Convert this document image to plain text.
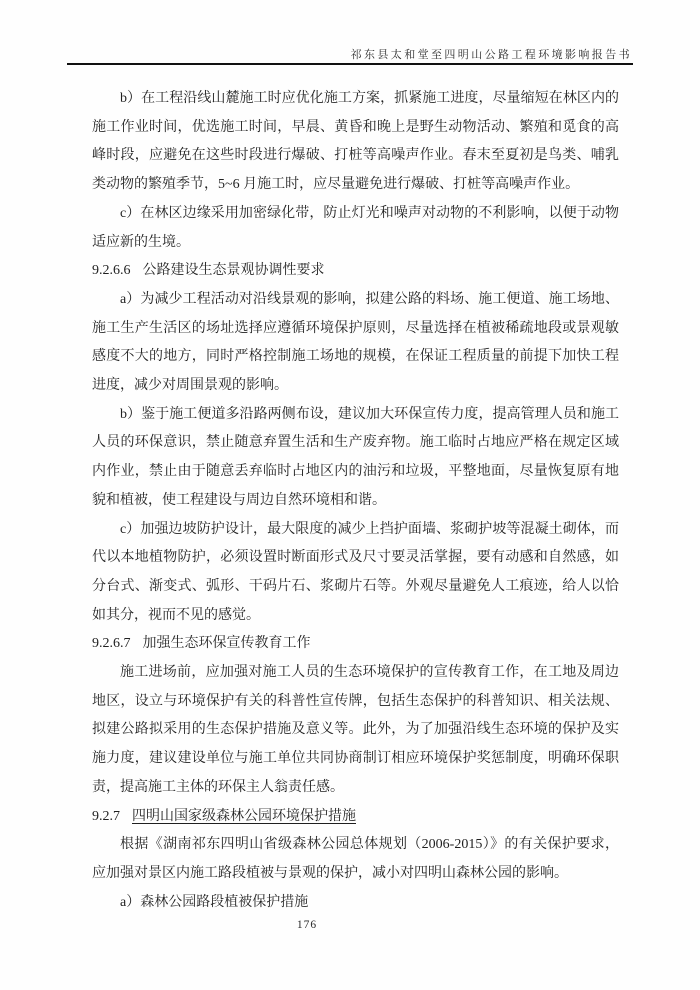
祁东县太和堂至四明山公路工程环境影响报告书

b）在工程沿线山麓施工时应优化施工方案，抓紧施工进度，尽量缩短在林区内的施工作业时间，优选施工时间，早晨、黄昏和晚上是野生动物活动、繁殖和觅食的高峰时段，应避免在这些时段进行爆破、打桩等高噪声作业。春末至夏初是鸟类、哺乳类动物的繁殖季节，5~6 月施工时，应尽量避免进行爆破、打桩等高噪声作业。

c）在林区边缘采用加密绿化带，防止灯光和噪声对动物的不利影响，以便于动物适应新的生境。

9.2.6.6 公路建设生态景观协调性要求

a）为减少工程活动对沿线景观的影响，拟建公路的料场、施工便道、施工场地、施工生产生活区的场址选择应遵循环境保护原则，尽量选择在植被稀疏地段或景观敏感度不大的地方，同时严格控制施工场地的规模，在保证工程质量的前提下加快工程进度，减少对周围景观的影响。

b）鉴于施工便道多沿路两侧布设，建议加大环保宣传力度，提高管理人员和施工人员的环保意识，禁止随意弃置生活和生产废弃物。施工临时占地应严格在规定区域内作业，禁止由于随意丢弃临时占地区内的油污和垃圾，平整地面，尽量恢复原有地貌和植被，使工程建设与周边自然环境相和谐。

c）加强边坡防护设计，最大限度的减少上挡护面墙、浆砌护坡等混凝土砌体，而代以本地植物防护，必须设置时断面形式及尺寸要灵活掌握，要有动感和自然感，如分台式、渐变式、弧形、干码片石、浆砌片石等。外观尽量避免人工痕迹，给人以恰如其分，视而不见的感觉。

9.2.6.7 加强生态环保宣传教育工作

施工进场前，应加强对施工人员的生态环境保护的宣传教育工作，在工地及周边地区，设立与环境保护有关的科普性宣传牌，包括生态保护的科普知识、相关法规、拟建公路拟采用的生态保护措施及意义等。此外，为了加强沿线生态环境的保护及实施力度，建议建设单位与施工单位共同协商制订相应环境保护奖惩制度，明确环保职责，提高施工主体的环保主人翁责任感。

9.2.7 四明山国家级森林公园环境保护措施

根据《湖南祁东四明山省级森林公园总体规划（2006-2015）》的有关保护要求，应加强对景区内施工路段植被与景观的保护，减小对四明山森林公园的影响。

a）森林公园路段植被保护措施

176
